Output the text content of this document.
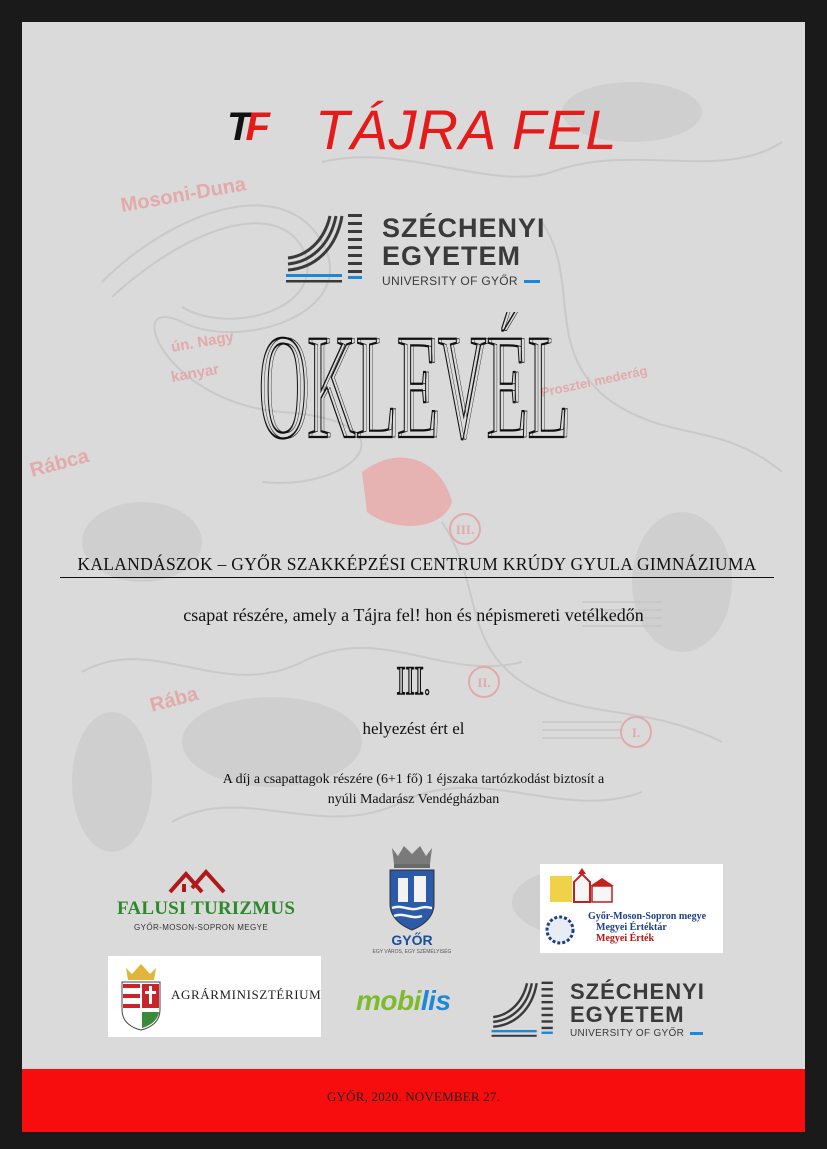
Mosoni-Duna
ún. Nagy
kanyar
Rábca
Rába
Prosztei mederág
III.
II.
I.
TF TÁJRA FEL
SZÉCHENYI
EGYETEM
UNIVERSITY OF GYŐR
OKLEVÉL
OKLEVÉL
KALANDÁSZOK – GYŐR SZAKKÉPZÉSI CENTRUM KRÚDY GYULA GIMNÁZIUMA
csapat részére, amely a Tájra fel! hon és népismereti vetélkedőn
III.
helyezést ért el
A díj a csapattagok részére (6+1 fő) 1 éjszaka tartózkodást biztosít a
nyúli Madarász Vendégházban
FALUSI TURIZMUS
GYŐR-MOSON-SOPRON MEGYE
GYŐR
EGY VÁROS, EGY SZÉMÉLYISÉG
Győr-Moson-Sopron megye
Megyei Értéktár
Megyei Érték
AGRÁRMINISZTÉRIUM mobilis	SZÉCHENYI
EGYETEM
UNIVERSITY OF GYŐR
GYŐR, 2020. NOVEMBER 27.
